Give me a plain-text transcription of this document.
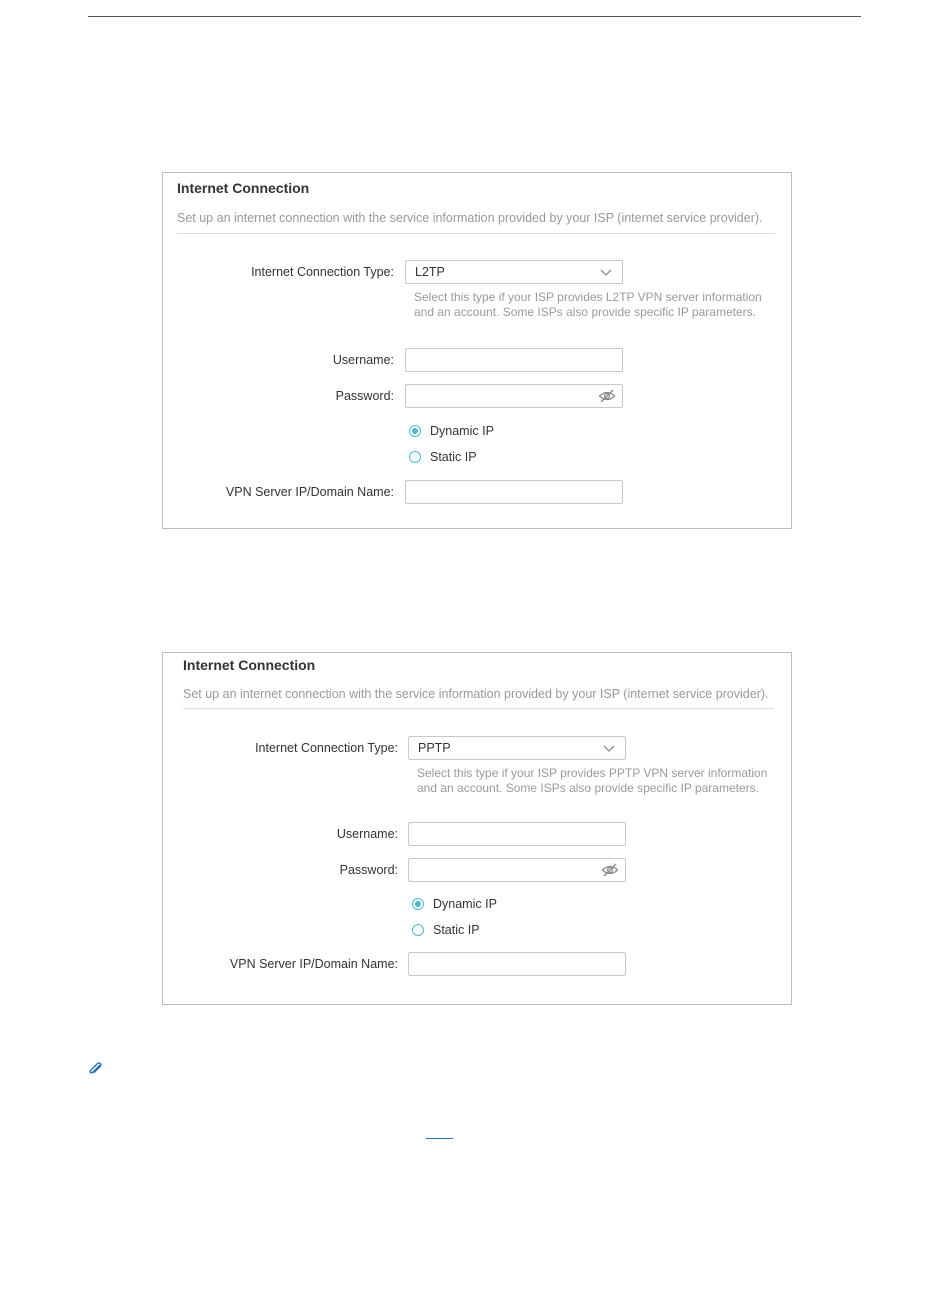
Internet Connection
Set up an internet connection with the service information provided by your ISP (internet service provider).
Internet Connection Type: L2TP
Select this type if your ISP provides L2TP VPN server information and an account. Some ISPs also provide specific IP parameters.
Username:
Password:
Dynamic IP
Static IP
VPN Server IP/Domain Name:
Internet Connection
Set up an internet connection with the service information provided by your ISP (internet service provider).
Internet Connection Type: PPTP
Select this type if your ISP provides PPTP VPN server information and an account. Some ISPs also provide specific IP parameters.
Username:
Password:
Dynamic IP
Static IP
VPN Server IP/Domain Name:
